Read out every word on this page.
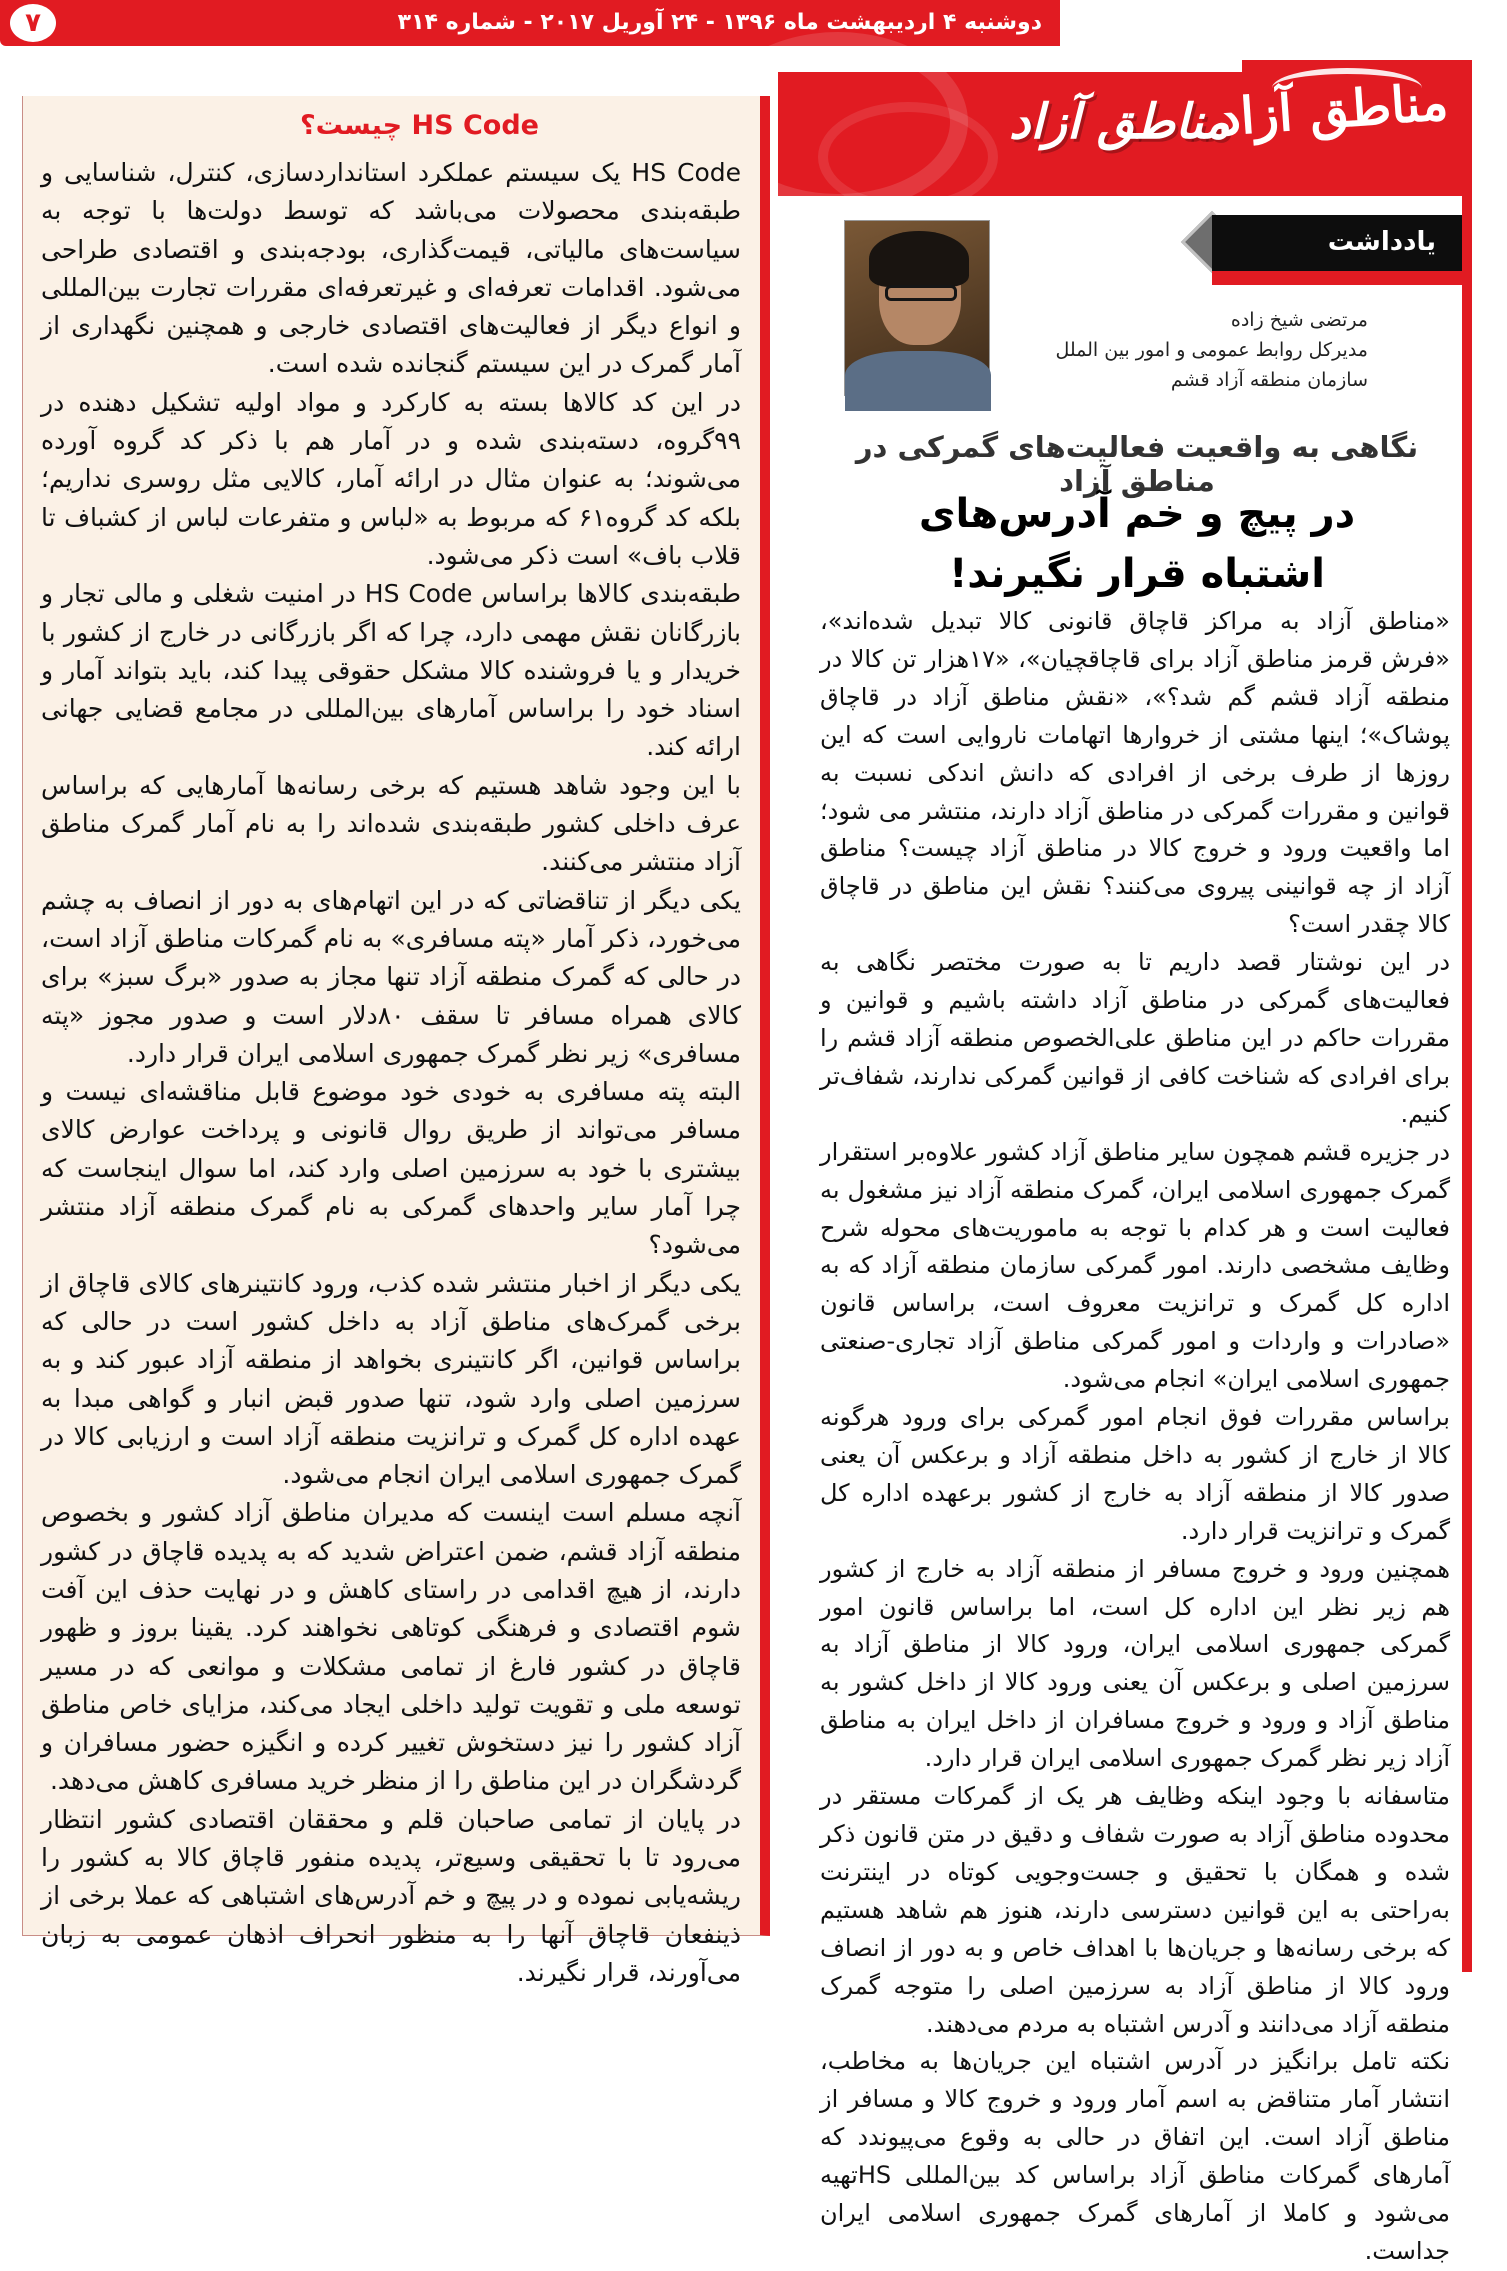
دوشنبه ۴ اردیبهشت ماه ۱۳۹۶ - ۲۴ آوریل ۲۰۱۷ - شماره ۳۱۴
۷
مناطق آزاد
HS Code چیست؟

HS Code یک سیستم عملکرد استانداردسازی، کنترل، شناسایی و طبقه‌بندی محصولات می‌باشد که توسط دولت‌ها با توجه به سیاست‌های مالیاتی، قیمت‌گذاری، بودجه‌بندی و اقتصادی طراحی می‌شود. اقدامات تعرفه‌ای و غیرتعرفه‌ای مقررات تجارت بین‌المللی و انواع دیگر از فعالیت‌های اقتصادی خارجی و همچنین نگهداری از آمار گمرک در این سیستم گنجانده شده است.

در این کد کالاها بسته به کارکرد و مواد اولیه تشکیل دهنده در ۹۹گروه، دسته‌بندی شده و در آمار هم با ذکر کد گروه آورده می‌شوند؛ به عنوان مثال در ارائه آمار، کالایی مثل روسری نداریم؛ بلکه کد گروه۶۱ که مربوط به «لباس و متفرعات لباس از کشباف تا قلاب باف» است ذکر می‌شود.

طبقه‌بندی کالاها براساس HS Code در امنیت شغلی و مالی تجار و بازرگانان نقش مهمی دارد، چرا که اگر بازرگانی در خارج از کشور با خریدار و یا فروشنده کالا مشکل حقوقی پیدا کند، باید بتواند آمار و اسناد خود را براساس آمارهای بین‌المللی در مجامع قضایی جهانی ارائه کند.

با این وجود شاهد هستیم که برخی رسانه‌ها آمارهایی که براساس عرف داخلی کشور طبقه‌بندی شده‌اند را به نام آمار گمرک مناطق آزاد منتشر می‌کنند.

یکی دیگر از تناقضاتی که در این اتهام‌های به دور از انصاف به چشم می‌خورد، ذکر آمار «پته مسافری» به نام گمرکات مناطق آزاد است، در حالی که گمرک منطقه آزاد تنها مجاز به صدور «برگ سبز» برای کالای همراه مسافر تا سقف ۸۰دلار است و صدور مجوز «پته مسافری» زیر نظر گمرک جمهوری اسلامی ایران قرار دارد.

البته پته مسافری به خودی خود موضوع قابل مناقشه‌ای نیست و مسافر می‌تواند از طریق روال قانونی و پرداخت عوارض کالای بیشتری با خود به سرزمین اصلی وارد کند، اما سوال اینجاست که چرا آمار سایر واحدهای گمرکی به نام گمرک منطقه آزاد منتشر می‌شود؟

یکی دیگر از اخبار منتشر شده کذب، ورود کانتینرهای کالای قاچاق از برخی گمرک‌های مناطق آزاد به داخل کشور است در حالی که براساس قوانین، اگر کانتینری بخواهد از منطقه آزاد عبور کند و به سرزمین اصلی وارد شود، تنها صدور قبض انبار و گواهی مبدا به عهده اداره کل گمرک و ترانزیت منطقه آزاد است و ارزیابی کالا در گمرک جمهوری اسلامی ایران انجام می‌شود.

آنچه مسلم است اینست که مدیران مناطق آزاد کشور و بخصوص منطقه آزاد قشم، ضمن اعتراض شدید که به پدیده قاچاق در کشور دارند، از هیچ اقدامی در راستای کاهش و در نهایت حذف این آفت شوم اقتصادی و فرهنگی کوتاهی نخواهند کرد. یقینا بروز و ظهور قاچاق در کشور فارغ از تمامی مشکلات و موانعی که در مسیر توسعه ملی و تقویت تولید داخلی ایجاد می‌کند، مزایای خاص مناطق آزاد کشور را نیز دستخوش تغییر کرده و انگیزه حضور مسافران و گردشگران در این مناطق را از منظر خرید مسافری کاهش می‌دهد.

در پایان از تمامی صاحبان قلم و محققان اقتصادی کشور انتظار می‌رود تا با تحقیقی وسیع‌تر، پدیده منفور قاچاق کالا به کشور را ریشه‌یابی نموده و در پیچ و خم آدرس‌های اشتباهی که عملا برخی از ذینفعان قاچاق آنها را به منظور انحراف اذهان عمومی به زبان می‌آورند، قرار نگیرند.

مناطق آزاد
یادداشت
مرتضی شیخ زاده
مدیرکل روابط عمومی و امور بین الملل
سازمان منطقه آزاد قشم
نگاهی به واقعیت فعالیت‌های گمرکی در مناطق آزاد
در پیچ و خم آدرس‌های
اشتباه قرار نگیرند!

«مناطق آزاد به مراکز قاچاق قانونی کالا تبدیل شده‌اند»، «فرش قرمز مناطق آزاد برای قاچاقچیان»، «۱۷هزار تن کالا در منطقه آزاد قشم گم شد؟»، «نقش مناطق آزاد در قاچاق پوشاک»؛ اینها مشتی از خروارها اتهامات ناروایی است که این روزها از طرف برخی از افرادی که دانش اندکی نسبت به قوانین و مقررات گمرکی در مناطق آزاد دارند، منتشر می شود؛ اما واقعیت ورود و خروج کالا در مناطق آزاد چیست؟ مناطق آزاد از چه قوانینی پیروی می‌کنند؟ نقش این مناطق در قاچاق کالا چقدر است؟

در این نوشتار قصد داریم تا به صورت مختصر نگاهی به فعالیت‌های گمرکی در مناطق آزاد داشته باشیم و قوانین و مقررات حاکم در این مناطق علی‌الخصوص منطقه آزاد قشم را برای افرادی که شناخت کافی از قوانین گمرکی ندارند، شفاف‌تر کنیم.

در جزیره قشم همچون سایر مناطق آزاد کشور علاوه‌بر استقرار گمرک جمهوری اسلامی ایران، گمرک منطقه آزاد نیز مشغول به فعالیت است و هر کدام با توجه به ماموریت‌های محوله شرح وظایف مشخصی دارند. امور گمرکی سازمان منطقه آزاد که به اداره کل گمرک و ترانزیت معروف است، براساس قانون «صادرات و واردات و امور گمرکی مناطق آزاد تجاری-صنعتی جمهوری اسلامی ایران» انجام می‌شود.

براساس مقررات فوق انجام امور گمرکی برای ورود هرگونه کالا از خارج از کشور به داخل منطقه آزاد و برعکس آن یعنی صدور کالا از منطقه آزاد به خارج از کشور برعهده اداره کل گمرک و ترانزیت قرار دارد.

همچنین ورود و خروج مسافر از منطقه آزاد به خارج از کشور هم زیر نظر این اداره کل است، اما براساس قانون امور گمرکی جمهوری اسلامی ایران، ورود کالا از مناطق آزاد به سرزمین اصلی و برعکس آن یعنی ورود کالا از داخل کشور به مناطق آزاد و ورود و خروج مسافران از داخل ایران به مناطق آزاد زیر نظر گمرک جمهوری اسلامی ایران قرار دارد.

متاسفانه با وجود اینکه وظایف هر یک از گمرکات مستقر در محدوده مناطق آزاد به صورت شفاف و دقیق در متن قانون ذکر شده و همگان با تحقیق و جست‌وجویی کوتاه در اینترنت به‌راحتی به این قوانین دسترسی دارند، هنوز هم شاهد هستیم که برخی رسانه‌ها و جریان‌ها با اهداف خاص و به دور از انصاف ورود کالا از مناطق آزاد به سرزمین اصلی را متوجه گمرک منطقه آزاد می‌دانند و آدرس اشتباه به مردم می‌دهند.

نکته تامل برانگیز در آدرس اشتباه این جریان‌ها به مخاطب، انتشار آمار متناقض به اسم آمار ورود و خروج کالا و مسافر از مناطق آزاد است. این اتفاق در حالی به وقوع می‌پیوندد که آمارهای گمرکات مناطق آزاد براساس کد بین‌المللی HSتهیه می‌شود و کاملا از آمارهای گمرک جمهوری اسلامی ایران جداست.
